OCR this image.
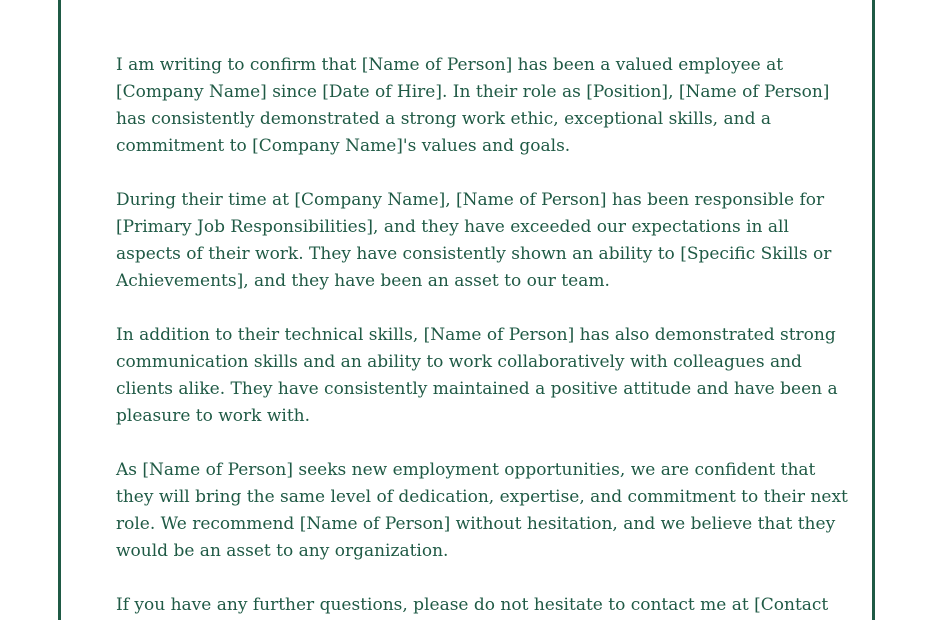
I am writing to confirm that [Name of Person] has been a valued employee at
[Company Name] since [Date of Hire]. In their role as [Position], [Name of Person]
has consistently demonstrated a strong work ethic, exceptional skills, and a
commitment to [Company Name]'s values and goals.

During their time at [Company Name], [Name of Person] has been responsible for
[Primary Job Responsibilities], and they have exceeded our expectations in all
aspects of their work. They have consistently shown an ability to [Specific Skills or
Achievements], and they have been an asset to our team.

In addition to their technical skills, [Name of Person] has also demonstrated strong
communication skills and an ability to work collaboratively with colleagues and
clients alike. They have consistently maintained a positive attitude and have been a
pleasure to work with.

As [Name of Person] seeks new employment opportunities, we are confident that
they will bring the same level of dedication, expertise, and commitment to their next
role. We recommend [Name of Person] without hesitation, and we believe that they
would be an asset to any organization.

If you have any further questions, please do not hesitate to contact me at [Contact
